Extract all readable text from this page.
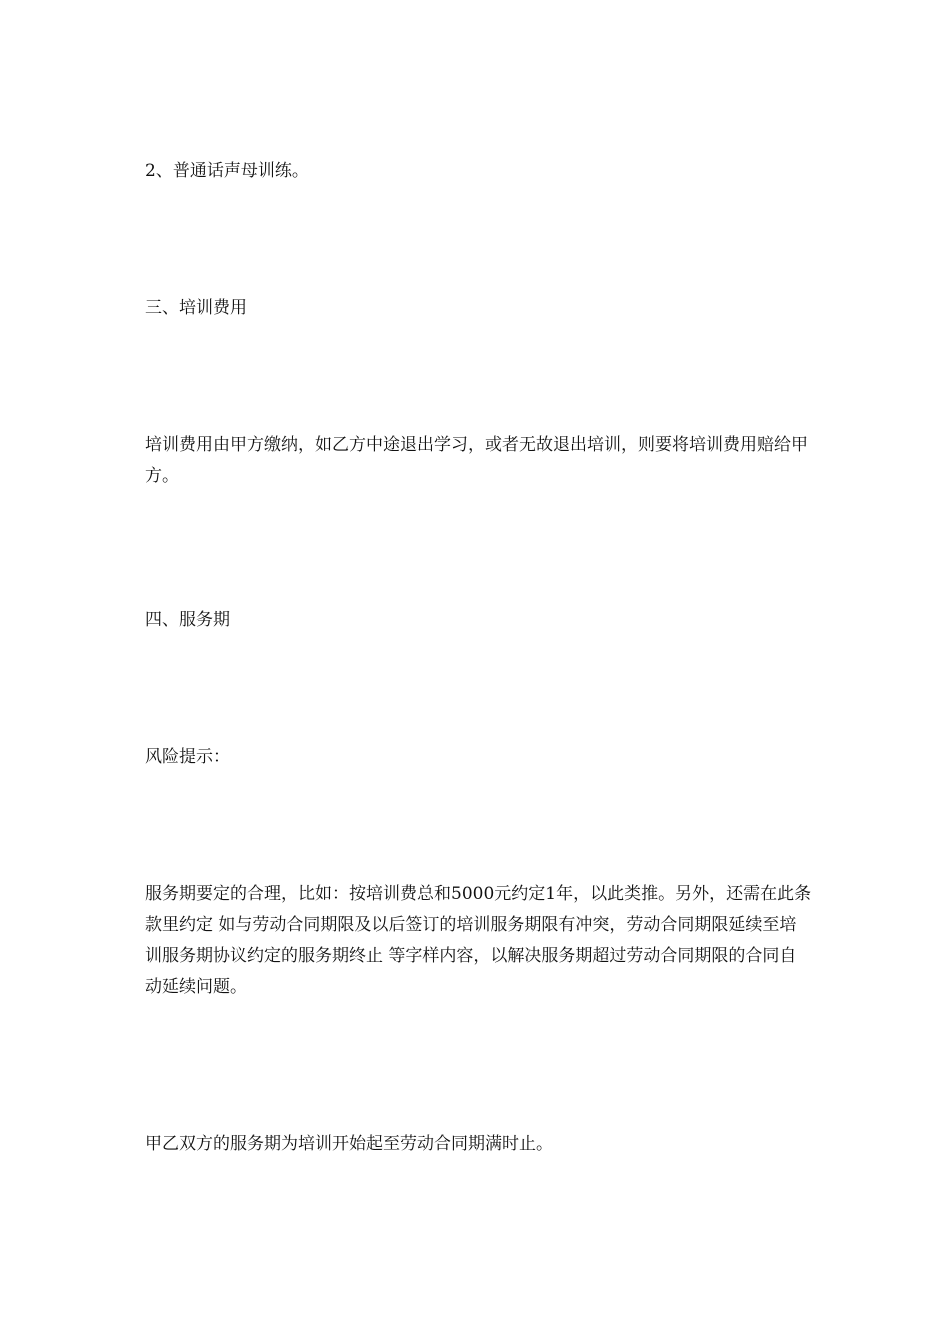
2、普通话声母训练。

三、培训费用

培训费用由甲方缴纳，如乙方中途退出学习，或者无故退出培训，则要将培训费用赔给甲方。

四、服务期

风险提示：

服务期要定的合理，比如：按培训费总和5000元约定1年，以此类推。另外，还需在此条款里约定 如与劳动合同期限及以后签订的培训服务期限有冲突，劳动合同期限延续至培训服务期协议约定的服务期终止 等字样内容，以解决服务期超过劳动合同期限的合同自动延续问题。

甲乙双方的服务期为培训开始起至劳动合同期满时止。
